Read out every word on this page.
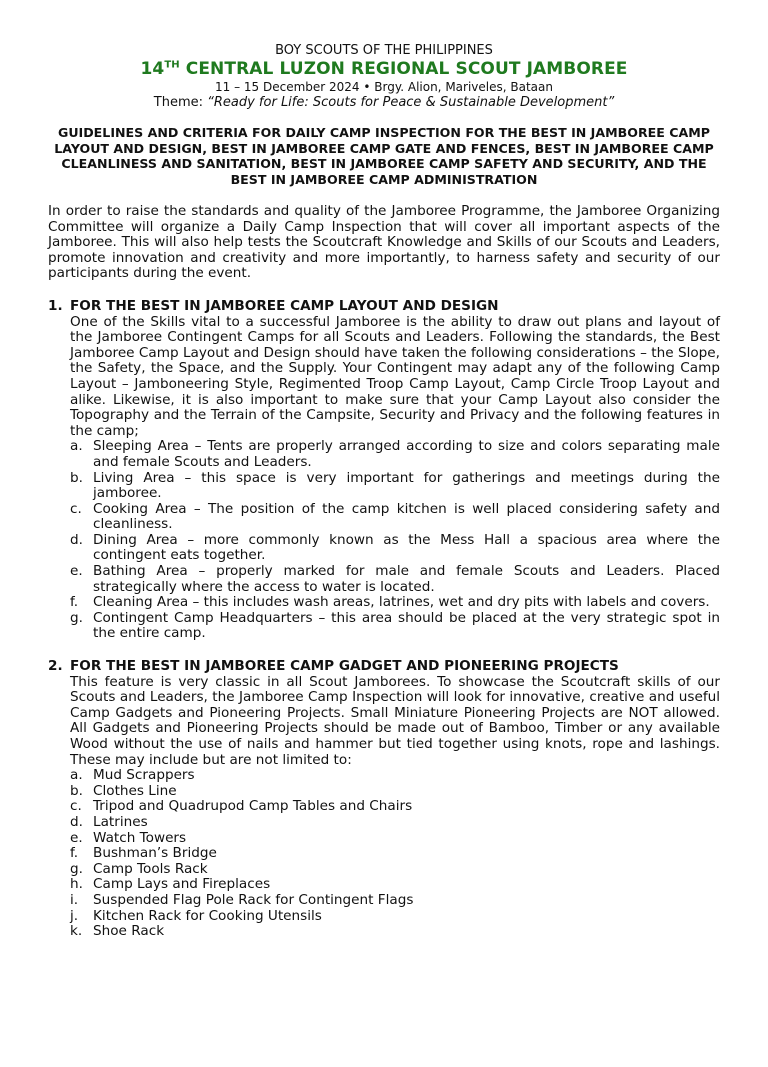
BOY SCOUTS OF THE PHILIPPINES
14TH CENTRAL LUZON REGIONAL SCOUT JAMBOREE
11 – 15 December 2024 • Brgy. Alion, Mariveles, Bataan
Theme: “Ready for Life: Scouts for Peace & Sustainable Development”
GUIDELINES AND CRITERIA FOR DAILY CAMP INSPECTION FOR THE BEST IN JAMBOREE CAMP LAYOUT AND DESIGN, BEST IN JAMBOREE CAMP GATE AND FENCES, BEST IN JAMBOREE CAMP CLEANLINESS AND SANITATION, BEST IN JAMBOREE CAMP SAFETY AND SECURITY, AND THE BEST IN JAMBOREE CAMP ADMINISTRATION
In order to raise the standards and quality of the Jamboree Programme, the Jamboree Organizing Committee will organize a Daily Camp Inspection that will cover all important aspects of the Jamboree. This will also help tests the Scoutcraft Knowledge and Skills of our Scouts and Leaders, promote innovation and creativity and more importantly, to harness safety and security of our participants during the event.
1. FOR THE BEST IN JAMBOREE CAMP LAYOUT AND DESIGN
One of the Skills vital to a successful Jamboree is the ability to draw out plans and layout of the Jamboree Contingent Camps for all Scouts and Leaders. Following the standards, the Best Jamboree Camp Layout and Design should have taken the following considerations – the Slope, the Safety, the Space, and the Supply. Your Contingent may adapt any of the following Camp Layout – Jamboneering Style, Regimented Troop Camp Layout, Camp Circle Troop Layout and alike. Likewise, it is also important to make sure that your Camp Layout also consider the Topography and the Terrain of the Campsite, Security and Privacy and the following features in the camp;
a. Sleeping Area – Tents are properly arranged according to size and colors separating male and female Scouts and Leaders.
b. Living Area – this space is very important for gatherings and meetings during the jamboree.
c. Cooking Area – The position of the camp kitchen is well placed considering safety and cleanliness.
d. Dining Area – more commonly known as the Mess Hall a spacious area where the contingent eats together.
e. Bathing Area – properly marked for male and female Scouts and Leaders. Placed strategically where the access to water is located.
f.	Cleaning Area – this includes wash areas, latrines, wet and dry pits with labels and covers.
g. Contingent Camp Headquarters – this area should be placed at the very strategic spot in the entire camp.
2. FOR THE BEST IN JAMBOREE CAMP GADGET AND PIONEERING PROJECTS
This feature is very classic in all Scout Jamborees. To showcase the Scoutcraft skills of our Scouts and Leaders, the Jamboree Camp Inspection will look for innovative, creative and useful Camp Gadgets and Pioneering Projects. Small Miniature Pioneering Projects are NOT allowed. All Gadgets and Pioneering Projects should be made out of Bamboo, Timber or any available Wood without the use of nails and hammer but tied together using knots, rope and lashings. These may include but are not limited to:
a. Mud Scrappers
b. Clothes Line
c. Tripod and Quadrupod Camp Tables and Chairs
d. Latrines
e. Watch Towers
f.	Bushman’s Bridge
g. Camp Tools Rack
h. Camp Lays and Fireplaces
i.	Suspended Flag Pole Rack for Contingent Flags
j.	Kitchen Rack for Cooking Utensils
k. Shoe Rack
